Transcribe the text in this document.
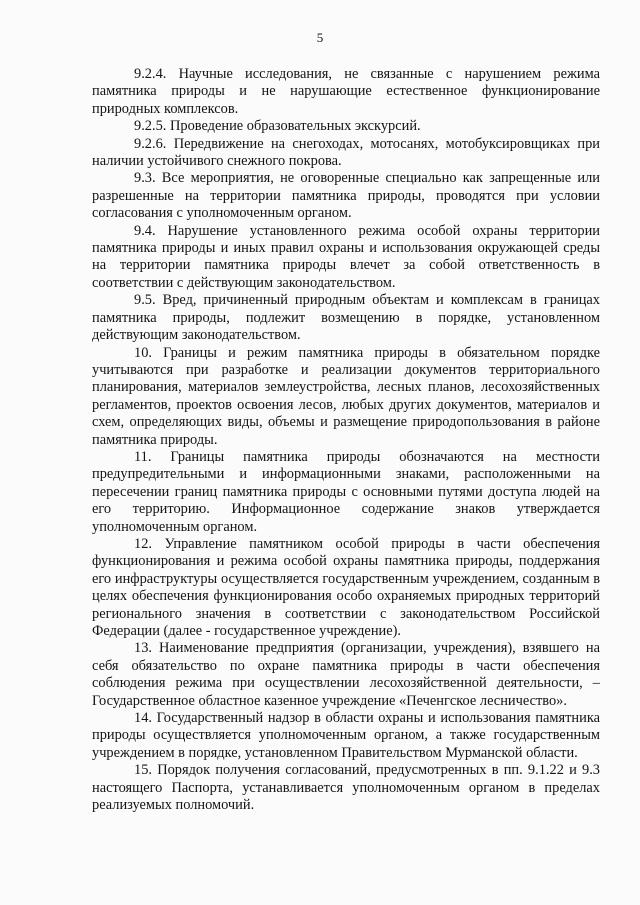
5

9.2.4. Научные исследования, не связанные с нарушением режима памятника природы и не нарушающие естественное функционирование природных комплексов.

9.2.5. Проведение образовательных экскурсий.

9.2.6. Передвижение на снегоходах, мотосанях, мотобуксировщиках при наличии устойчивого снежного покрова.

9.3. Все мероприятия, не оговоренные специально как запрещенные или разрешенные на территории памятника природы, проводятся при условии согласования с уполномоченным органом.

9.4. Нарушение установленного режима особой охраны территории памятника природы и иных правил охраны и использования окружающей среды на территории памятника природы влечет за собой ответственность в соответствии с действующим законодательством.

9.5. Вред, причиненный природным объектам и комплексам в границах памятника природы, подлежит возмещению в порядке, установленном действующим законодательством.

10. Границы и режим памятника природы в обязательном порядке учитываются при разработке и реализации документов территориального планирования, материалов землеустройства, лесных планов, лесохозяйственных регламентов, проектов освоения лесов, любых других документов, материалов и схем, определяющих виды, объемы и размещение природопользования в районе памятника природы.

11. Границы памятника природы обозначаются на местности предупредительными и информационными знаками, расположенными на пересечении границ памятника природы с основными путями доступа людей на его территорию. Информационное содержание знаков утверждается уполномоченным органом.

12. Управление памятником особой природы в части обеспечения функционирования и режима особой охраны памятника природы, поддержания его инфраструктуры осуществляется государственным учреждением, созданным в целях обеспечения функционирования особо охраняемых природных территорий регионального значения в соответствии с законодательством Российской Федерации (далее - государственное учреждение).

13. Наименование предприятия (организации, учреждения), взявшего на себя обязательство по охране памятника природы в части обеспечения соблюдения режима при осуществлении лесохозяйственной деятельности, – Государственное областное казенное учреждение «Печенгское лесничество».

14. Государственный надзор в области охраны и использования памятника природы осуществляется уполномоченным органом, а также государственным учреждением в порядке, установленном Правительством Мурманской области.

15. Порядок получения согласований, предусмотренных в пп. 9.1.22 и 9.3 настоящего Паспорта, устанавливается уполномоченным органом в пределах реализуемых полномочий.
